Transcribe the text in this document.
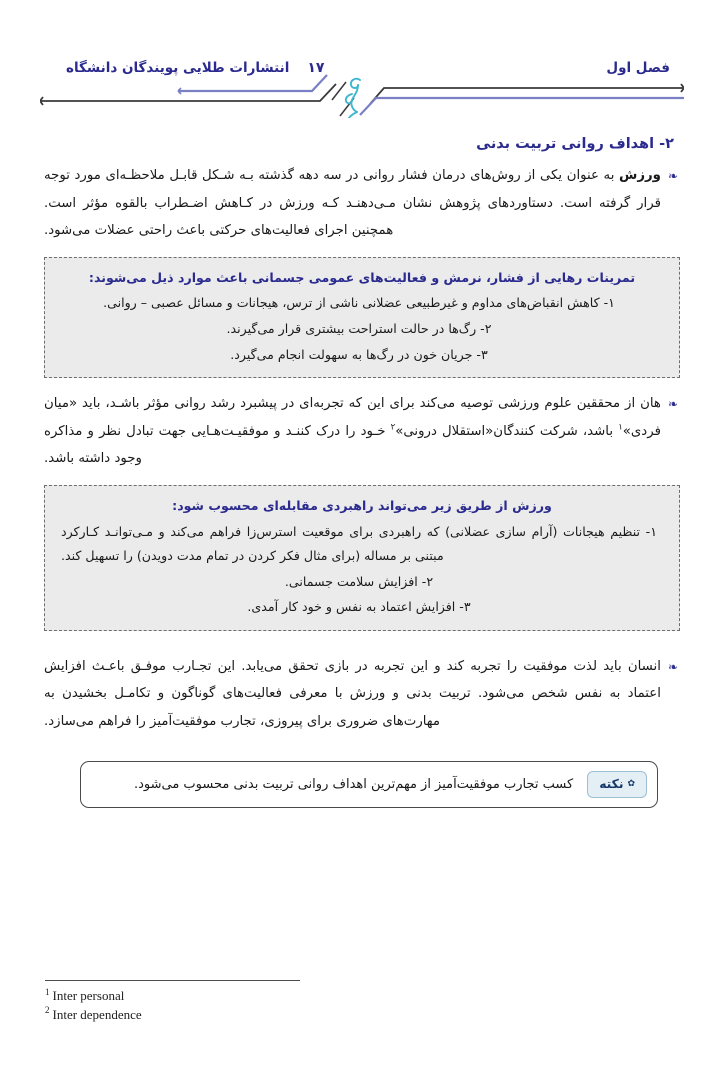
فصل اول
انتشارات طلایی پویندگان دانشگاه ۱۷
۲- اهداف روانی تربیت بدنی
❧
ورزش به عنوان یکی از روش‌های درمان فشار روانی در سه دهه گذشته بـه شـکل قابـل ملاحظـه‌ای مورد توجه قرار گرفته است. دستاوردهای پژوهش نشان مـی‌دهنـد کـه ورزش در کـاهش اضـطراب بالقوه مؤثر است. همچنین اجرای فعالیت‌های حرکتی باعث راحتی عضلات می‌شود.
تمرینات رهایی از فشار، نرمش و فعالیت‌های عمومی جسمانی باعث موارد ذیل می‌شوند:
۱- کاهش انقباض‌های مداوم و غیرطبیعی عضلانی ناشی از ترس، هیجانات و مسائل عصبی – روانی.
۲- رگ‌ها در حالت استراحت بیشتری قرار می‌گیرند.
۳- جریان خون در رگ‌ها به سهولت انجام می‌گیرد.
❧
هان از محققین علوم ورزشی توصیه می‌کند برای این که تجربه‌ای در پیشبرد رشد روانی مؤثر باشـد، باید «میان فردی»$^۱$ باشد، شرکت کنندگان«استقلال درونی»$^۲$ خـود را درک کننـد و موفقیـت‌هـایی جهت تبادل نظر و مذاکره وجود داشته باشد.
ورزش از طریق زیر می‌تواند راهبردی مقابله‌ای محسوب شود:
۱- تنظیم هیجانات (آرام سازی عضلانی) که راهبردی برای موقعیت استرس‌زا فراهم می‌کند و مـی‌توانـد کـارکرد مبتنی بر مساله (برای مثال فکر کردن در تمام مدت دویدن) را تسهیل کند.
۲- افزایش سلامت جسمانی.
۳- افزایش اعتماد به نفس و خود کار آمدی.
❧
انسان باید لذت موفقیت را تجربه کند و این تجربه در بازی تحقق می‌یابد. این تجـارب موفـق باعـث افزایش اعتماد به نفس شخص می‌شود. تربیت بدنی و ورزش با معرفی فعالیت‌های گوناگون و تکامـل بخشیدن به مهارت‌های ضروری برای پیروزی، تجارب موفقیت‌آمیز را فراهم می‌سازد.
✿
نکته
کسب تجارب موفقیت‌آمیز از مهم‌ترین اهداف روانی تربیت بدنی محسوب می‌شود.
$^1$ Inter personal
$^2$ Inter dependence
